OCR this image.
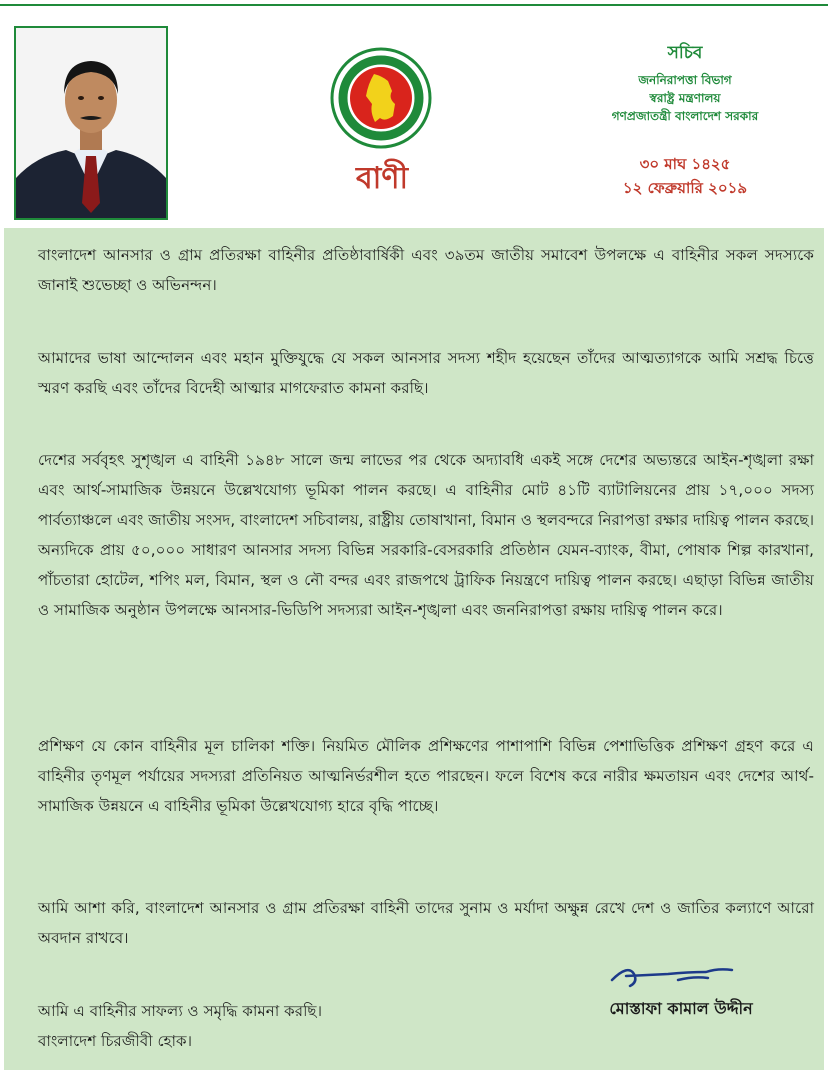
বাণী
সচিব
জননিরাপত্তা বিভাগ
স্বরাষ্ট্র মন্ত্রণালয়
গণপ্রজাতন্ত্রী বাংলাদেশ সরকার
৩০ মাঘ ১৪২৫
১২ ফেব্রুয়ারি ২০১৯
বাংলাদেশ আনসার ও গ্রাম প্রতিরক্ষা বাহিনীর প্রতিষ্ঠাবার্ষিকী এবং ৩৯তম জাতীয় সমাবেশ উপলক্ষে এ বাহিনীর সকল সদস্যকে জানাই শুভেচ্ছা ও অভিনন্দন।
আমাদের ভাষা আন্দোলন এবং মহান মুক্তিযুদ্ধে যে সকল আনসার সদস্য শহীদ হয়েছেন তাঁদের আত্মত্যাগকে আমি সশ্রদ্ধ চিত্তে স্মরণ করছি এবং তাঁদের বিদেহী আত্মার মাগফেরাত কামনা করছি।
দেশের সর্ববৃহৎ সুশৃঙ্খল এ বাহিনী ১৯৪৮ সালে জন্ম লাভের পর থেকে অদ্যাবধি একই সঙ্গে দেশের অভ্যন্তরে আইন-শৃঙ্খলা রক্ষা এবং আর্থ-সামাজিক উন্নয়নে উল্লেখযোগ্য ভূমিকা পালন করছে। এ বাহিনীর মোট ৪১টি ব্যাটালিয়নের প্রায় ১৭,০০০ সদস্য পার্বত্যাঞ্চলে এবং জাতীয় সংসদ, বাংলাদেশ সচিবালয়, রাষ্ট্রীয় তোষাখানা, বিমান ও স্থলবন্দরে নিরাপত্তা রক্ষার দায়িত্ব পালন করছে। অন্যদিকে প্রায় ৫০,০০০ সাধারণ আনসার সদস্য বিভিন্ন সরকারি-বেসরকারি প্রতিষ্ঠান যেমন-ব্যাংক, বীমা, পোষাক শিল্প কারখানা, পাঁচতারা হোটেল, শপিং মল, বিমান, স্থল ও নৌ বন্দর এবং রাজপথে ট্রাফিক নিয়ন্ত্রণে দায়িত্ব পালন করছে। এছাড়া বিভিন্ন জাতীয় ও সামাজিক অনুষ্ঠান উপলক্ষে আনসার-ভিডিপি সদস্যরা আইন-শৃঙ্খলা এবং জননিরাপত্তা রক্ষায় দায়িত্ব পালন করে।
প্রশিক্ষণ যে কোন বাহিনীর মূল চালিকা শক্তি। নিয়মিত মৌলিক প্রশিক্ষণের পাশাপাশি বিভিন্ন পেশাভিত্তিক প্রশিক্ষণ গ্রহণ করে এ বাহিনীর তৃণমূল পর্যায়ের সদস্যরা প্রতিনিয়ত আত্মনির্ভরশীল হতে পারছেন। ফলে বিশেষ করে নারীর ক্ষমতায়ন এবং দেশের আর্থ-সামাজিক উন্নয়নে এ বাহিনীর ভূমিকা উল্লেখযোগ্য হারে বৃদ্ধি পাচ্ছে।
আমি আশা করি, বাংলাদেশ আনসার ও গ্রাম প্রতিরক্ষা বাহিনী তাদের সুনাম ও মর্যাদা অক্ষুন্ন রেখে দেশ ও জাতির কল্যাণে আরো অবদান রাখবে।
আমি এ বাহিনীর সাফল্য ও সমৃদ্ধি কামনা করছি।
বাংলাদেশ চিরজীবী হোক।
মোস্তাফা কামাল উদ্দীন
